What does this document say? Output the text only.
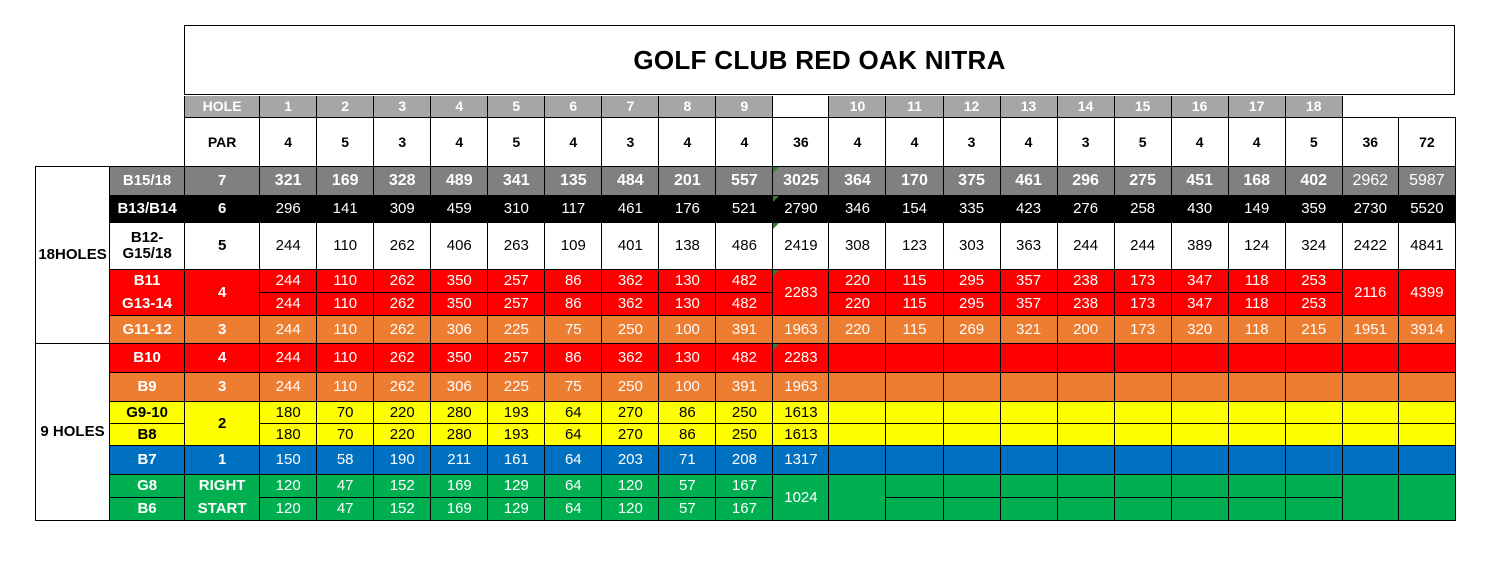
GOLF CLUB RED OAK NITRA
		HOLE	1	2	3	4	5	6	7	8	9		10	11	12	13	14	15	16	17	18		
		PAR	4	5	3	4	5	4	3	4	4	36	4	4	3	4	3	5	4	4	5	36	72
18HOLES	B15/18	7	321	169	328	489	341	135	484	201	557	3025	364	170	375	461	296	275	451	168	402	2962	5987
	B13/B14	6	296	141	309	459	310	117	461	176	521	2790	346	154	335	423	276	258	430	149	359	2730	5520
	B12-G15/18	5	244	110	262	406	263	109	401	138	486	2419	308	123	303	363	244	244	389	124	324	2422	4841
	B11	4	244	110	262	350	257	86	362	130	482	2283	220	115	295	357	238	173	347	118	253	2116	4399
	G13-14		244	110	262	350	257	86	362	130	482		220	115	295	357	238	173	347	118	253		
	G11-12	3	244	110	262	306	225	75	250	100	391	1963	220	115	269	321	200	173	320	118	215	1951	3914
9 HOLES	B10	4	244	110	262	350	257	86	362	130	482	2283											
	B9	3	244	110	262	306	225	75	250	100	391	1963											
	G9-10	2	180	70	220	280	193	64	270	86	250	1613											
	B8		180	70	220	280	193	64	270	86	250	1613											
	B7	1	150	58	190	211	161	64	203	71	208	1317											
	G8	RIGHT	120	47	152	169	129	64	120	57	167	1024											
	B6	START	120	47	152	169	129	64	120	57	167												
